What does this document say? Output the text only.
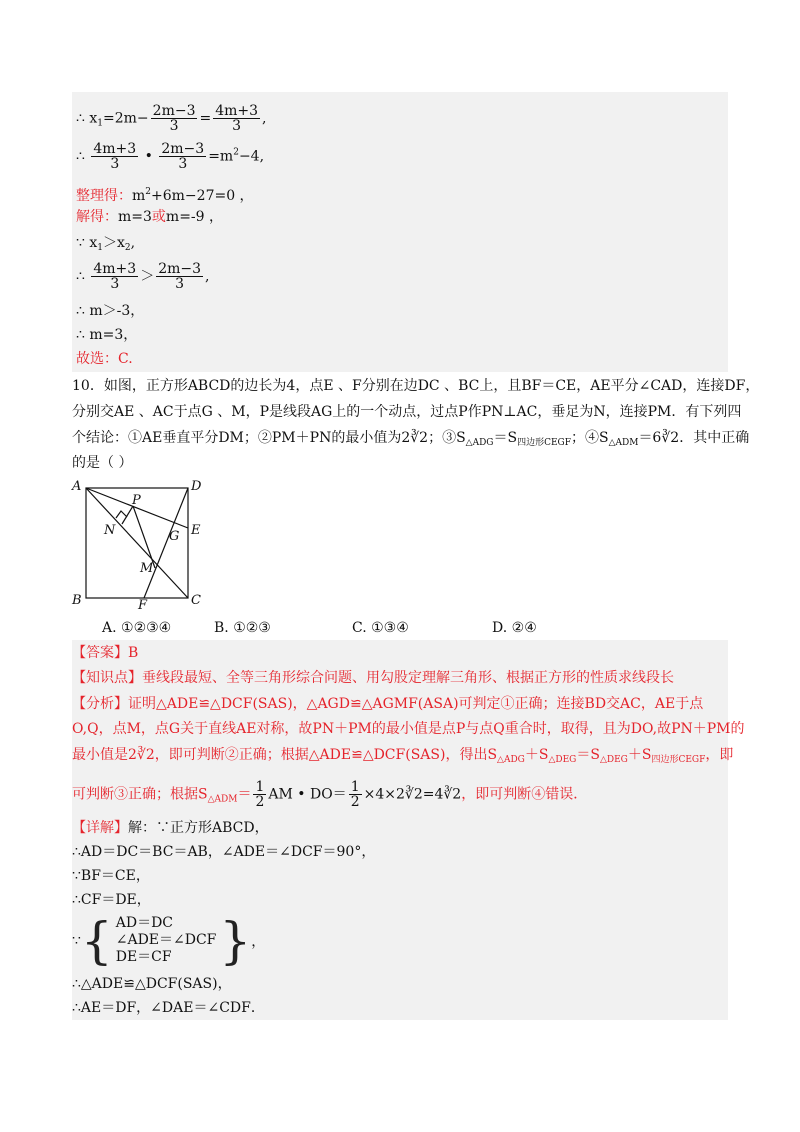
∴ $x_1=2m- \frac{2m-3}{3} = \frac{4m+3}{3}$ ,
∴ $\frac{4m+3}{3}$ • $\frac{2m-3}{3} =m^2-4$,
整理得：$m^2+6m-27=0$ ，
解得：m=3或m=-9 ，
∵ $x_1>x_2$,
∴ $\frac{4m+3}{3} > \frac{2m-3}{3}$ ,
∴ m＞-3，
∴ m=3，
故选：C.
10．如图，正方形ABCD的边长为4，点E 、F分别在边DC 、BC上，且BF＝CE，AE平分∠CAD，连接DF，
分别交AE 、AC于点G 、M，P是线段AG上的一个动点，过点P作PN⊥AC，垂足为N，连接PM．有下列四
个结论：①AE垂直平分DM；②PM＋PN的最小值为2∛2；$③S_{\triangle ADG}=S_{四边形CEGF}$；$④S_{\triangle ADM}=6∛2$．其中正确
的是（ ）
A	D
B	C
E
F
G
M
N
P
A. ①②③④	B. ①②③	C. ①③④	D. ②④
【答案】B
【知识点】垂线段最短、全等三角形综合问题、用勾股定理解三角形、根据正方形的性质求线段长
【分析】证明△ADE≌△DCF(SAS)，△AGD≌△AGMF(ASA)可判定①正确；连接BD交AC，AE于点
O,Q，点M，点G关于直线AE对称，故PN＋PM的最小值是点P与点Q重合时，取得，且为DO,故PN＋PM的
最小值是2∛2，即可判断②正确；根据△ADE≌△DCF(SAS)，得出$S_{\triangle ADG}+S_{\triangle DEG}=S_{\triangle DEG}+S_{四边形CEGF}$，即
可判断③正确；根据$S_{\triangle ADM}= \frac{1}{2}$ AM • $DO= \frac{1}{2}$ ×4×2∛2=4∛2，即可判断④错误．
【详解】解：∵正方形ABCD，
∴AD＝DC＝BC＝AB，∠ADE＝∠DCF＝90°，
∵BF＝CE，
∴CF＝DE，
∵ { AD＝DC
∠ADE＝∠DCF
DE＝CF } ，
∴△ADE≌△DCF(SAS)，
∴AE＝DF，∠DAE＝∠CDF．
